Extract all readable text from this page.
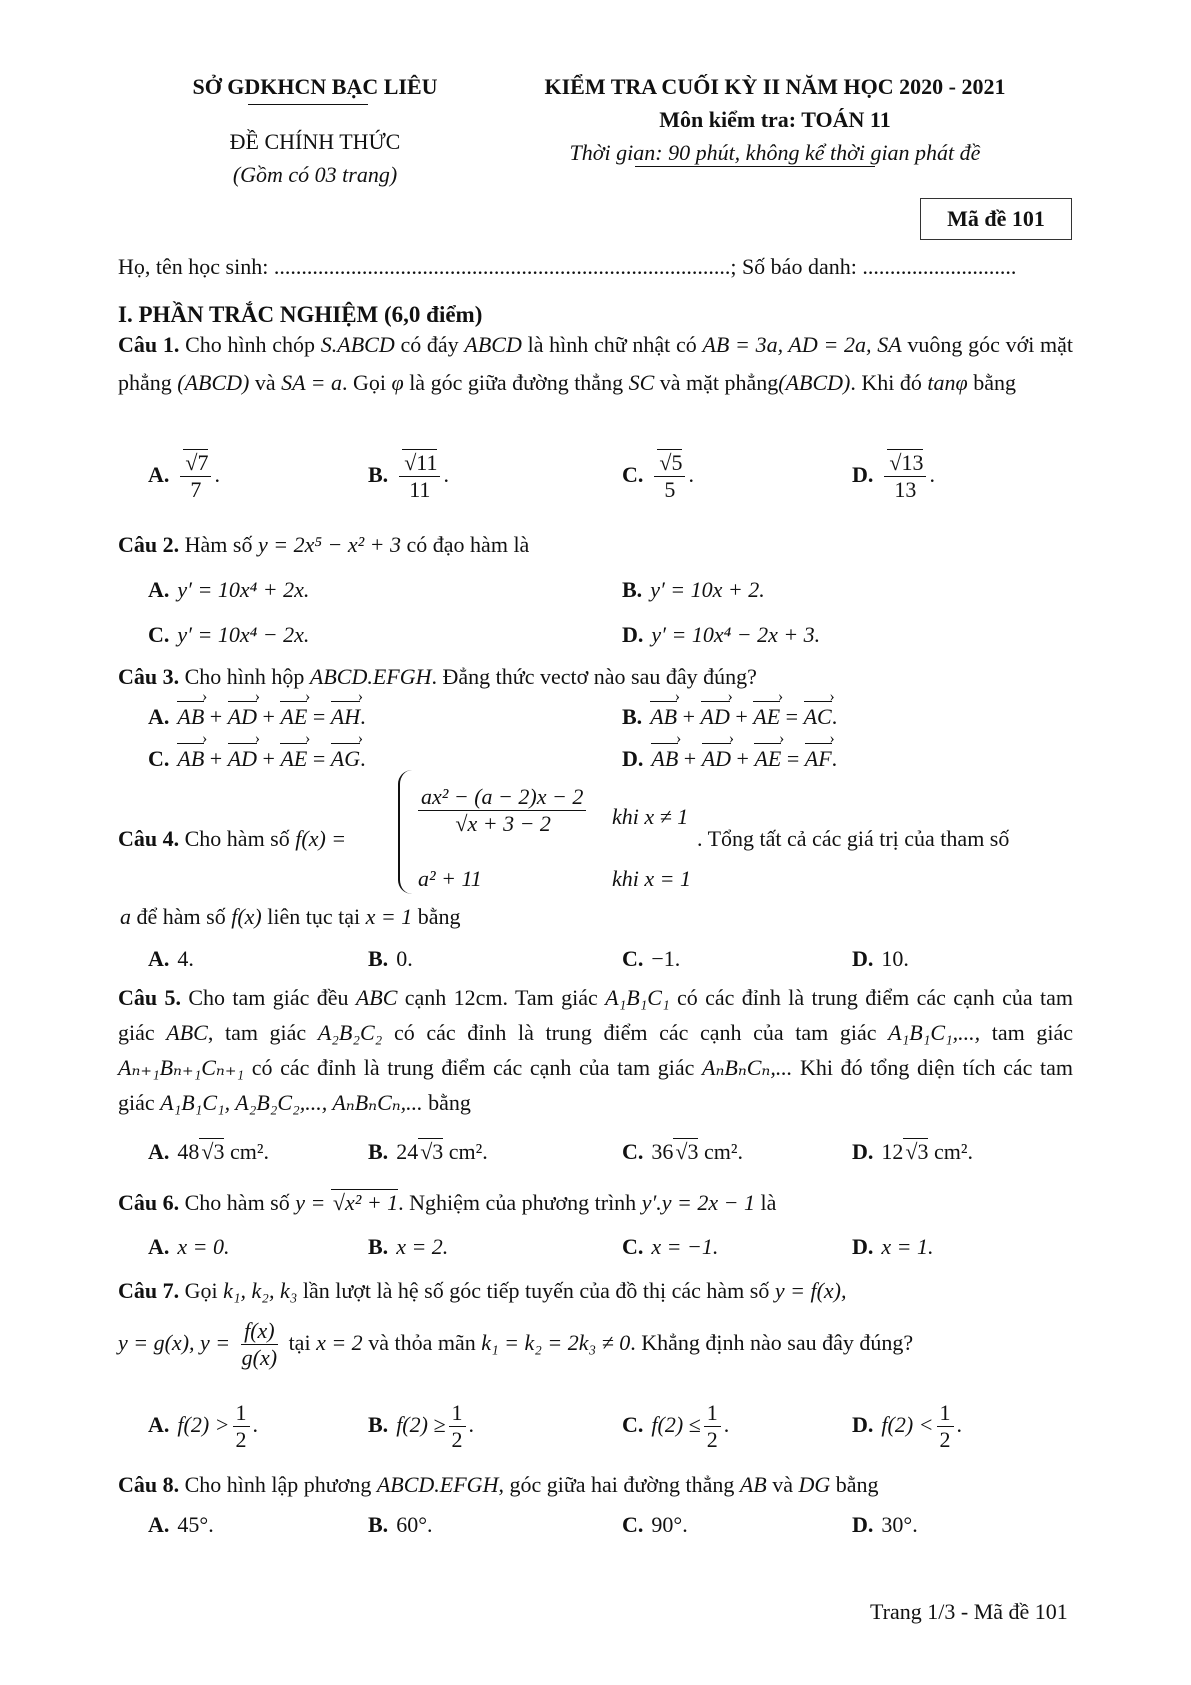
SỞ GDKHCN BẠC LIÊU
ĐỀ CHÍNH THỨC
(Gồm có 03 trang)
KIỂM TRA CUỐI KỲ II NĂM HỌC 2020 - 2021
Môn kiểm tra: TOÁN 11
Thời gian: 90 phút, không kể thời gian phát đề
Mã đề 101
Họ, tên học sinh: ...................................................................................; Số báo danh: ............................
I. PHẦN TRẮC NGHIỆM (6,0 điểm)
Câu 1. Cho hình chóp S.ABCD có đáy ABCD là hình chữ nhật có AB = 3a, AD = 2a, SA vuông góc với mặt phẳng (ABCD) và SA = a. Gọi φ là góc giữa đường thẳng SC và mặt phẳng(ABCD). Khi đó tanφ bằng
A. √ $\frac{7}{7}$ .	B. √ $\frac{11}{11}$ .	C. √ $\frac{5}{5}$ .	D. √ $\frac{13}{13}$ .
Câu 2. Hàm số y = 2x⁵ − x² + 3 có đạo hàm là
A. y′ = 10x⁴ + 2x.	B. y′ = 10x + 2.
C. y′ = 10x⁴ − 2x.	D. y′ = 10x⁴ − 2x + 3.
Câu 3. Cho hình hộp ABCD.EFGH. Đẳng thức vectơ nào sau đây đúng?
A. AB › + AD › + AE › = AH ›.	B. AB › + AD › + AE › = AC ›.
C. AB › + AD › + AE › = AG ›.	D. AB › + AD › + AE › = AF ›.
Câu 4. Cho hàm số f(x) =
ax² − (a − 2)x − 2
√ x + 3 − 2 khi x ≠ 1
a² + 11	khi x = 1
. Tổng tất cả các giá trị của tham số
a để hàm số f(x) liên tục tại x = 1 bằng
A. 4.	B. 0.	C. −1.	D. 10.
Câu 5. Cho tam giác đều ABC cạnh 12cm. Tam giác A₁B₁C₁ có các đỉnh là trung điểm các cạnh của tam giác ABC, tam giác A₂B₂C₂ có các đỉnh là trung điểm các cạnh của tam giác A₁B₁C₁,..., tam giác Aₙ₊₁Bₙ₊₁Cₙ₊₁ có các đỉnh là trung điểm các cạnh của tam giác AₙBₙCₙ,... Khi đó tổng diện tích các tam giác A₁B₁C₁, A₂B₂C₂,..., AₙBₙCₙ,... bằng
A. 48 √ 3 cm².	B. 24 √ 3 cm².	C. 36 √ 3 cm².	D. 12 √ 3 cm².
Câu 6. Cho hàm số y = √ x² + 1. Nghiệm của phương trình y′.y = 2x − 1 là
A. x = 0.	B. x = 2.	C. x = −1.	D. x = 1.
Câu 7. Gọi k₁, k₂, k₃ lần lượt là hệ số góc tiếp tuyến của đồ thị các hàm số y = f(x),
y = g(x), $y = \frac{f(x)}{g(x)}$ tại x = 2 và thỏa mãn k₁ = k₂ = 2k₃ ≠ 0. Khẳng định nào sau đây đúng?
A. $f(2) > \frac{1}{2}$ .	B. $f(2) \ge \frac{1}{2}$ .	C. $f(2) \le \frac{1}{2}$ .	D. $f(2) < \frac{1}{2}$ .
Câu 8. Cho hình lập phương ABCD.EFGH, góc giữa hai đường thẳng AB và DG bằng
A. 45°.	B. 60°.	C. 90°.	D. 30°.
Trang 1/3 - Mã đề 101
